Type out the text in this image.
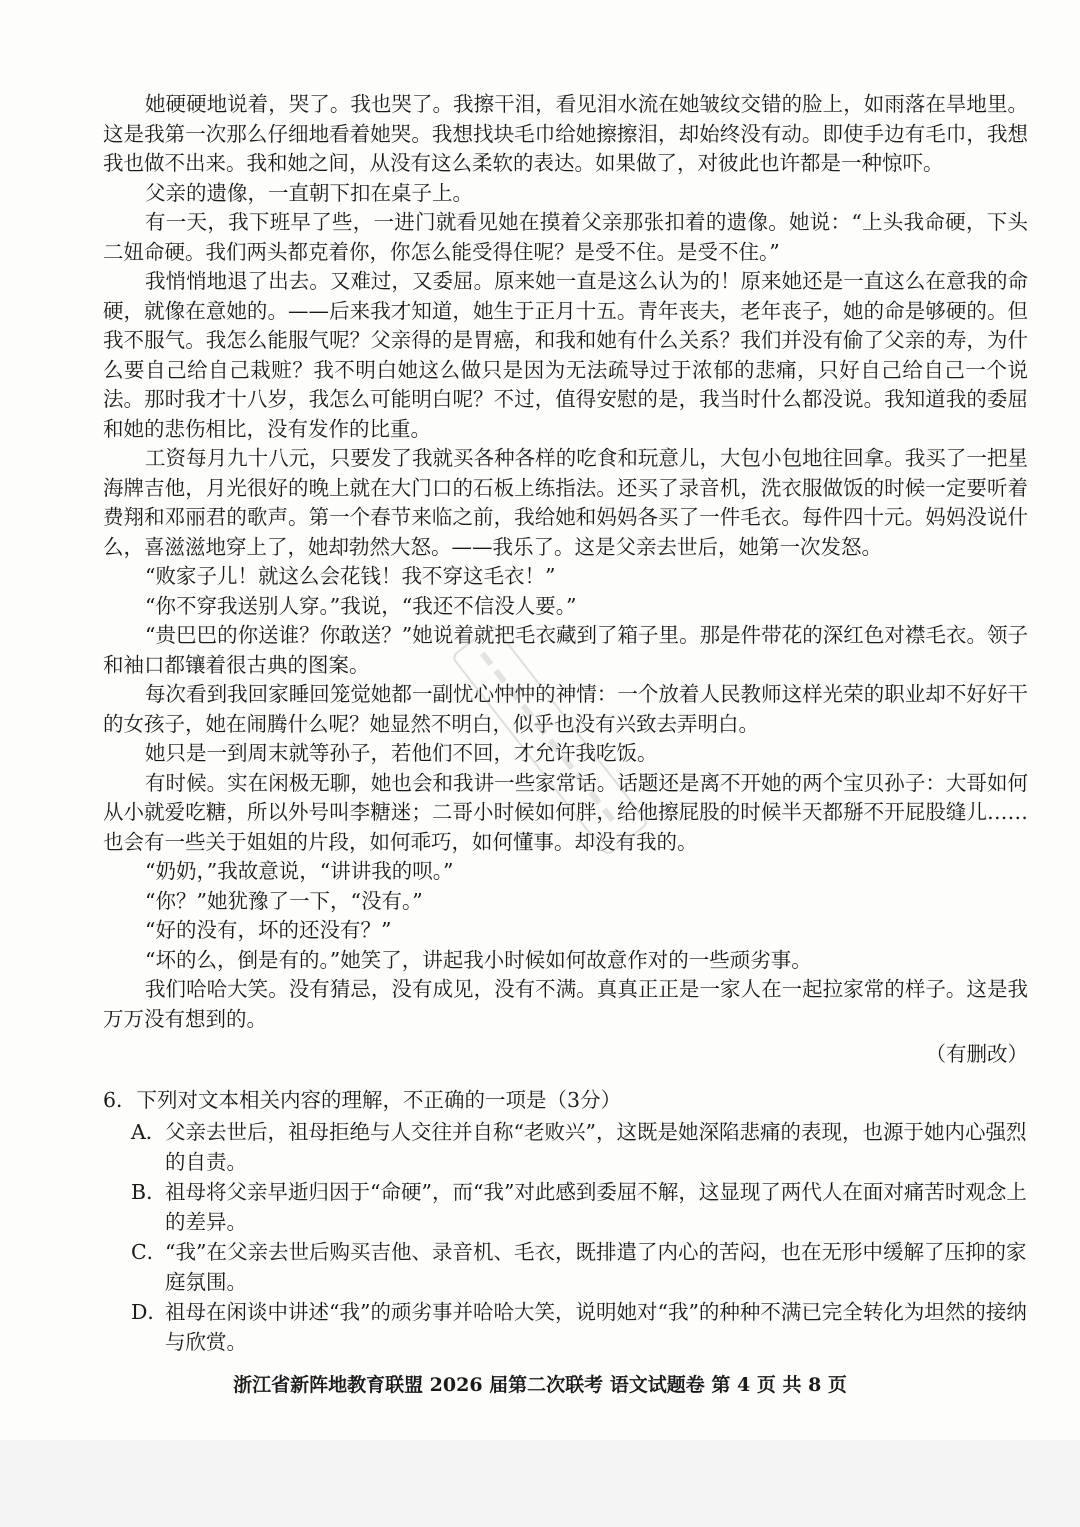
她硬硬地说着，哭了。我也哭了。我擦干泪，看见泪水流在她皱纹交错的脸上，如雨落在旱地里。这是我第一次那么仔细地看着她哭。我想找块毛巾给她擦擦泪，却始终没有动。即使手边有毛巾，我想我也做不出来。我和她之间，从没有这么柔软的表达。如果做了，对彼此也许都是一种惊吓。

父亲的遗像，一直朝下扣在桌子上。

有一天，我下班早了些，一进门就看见她在摸着父亲那张扣着的遗像。她说：“上头我命硬，下头二妞命硬。我们两头都克着你，你怎么能受得住呢？是受不住。是受不住。”

我悄悄地退了出去。又难过，又委屈。原来她一直是这么认为的！原来她还是一直这么在意我的命硬，就像在意她的。——后来我才知道，她生于正月十五。青年丧夫，老年丧子，她的命是够硬的。但我不服气。我怎么能服气呢？父亲得的是胃癌，和我和她有什么关系？我们并没有偷了父亲的寿，为什么要自己给自己栽赃？我不明白她这么做只是因为无法疏导过于浓郁的悲痛，只好自己给自己一个说法。那时我才十八岁，我怎么可能明白呢？不过，值得安慰的是，我当时什么都没说。我知道我的委屈和她的悲伤相比，没有发作的比重。

工资每月九十八元，只要发了我就买各种各样的吃食和玩意儿，大包小包地往回拿。我买了一把星海牌吉他，月光很好的晚上就在大门口的石板上练指法。还买了录音机，洗衣服做饭的时候一定要听着费翔和邓丽君的歌声。第一个春节来临之前，我给她和妈妈各买了一件毛衣。每件四十元。妈妈没说什么，喜滋滋地穿上了，她却勃然大怒。——我乐了。这是父亲去世后，她第一次发怒。

“败家子儿！就这么会花钱！我不穿这毛衣！”

“你不穿我送别人穿。”我说，“我还不信没人要。”

“贵巴巴的你送谁？你敢送？”她说着就把毛衣藏到了箱子里。那是件带花的深红色对襟毛衣。领子和袖口都镶着很古典的图案。

每次看到我回家睡回笼觉她都一副忧心忡忡的神情：一个放着人民教师这样光荣的职业却不好好干的女孩子，她在闹腾什么呢？她显然不明白，似乎也没有兴致去弄明白。

她只是一到周末就等孙子，若他们不回，才允许我吃饭。

有时候。实在闲极无聊，她也会和我讲一些家常话。话题还是离不开她的两个宝贝孙子：大哥如何从小就爱吃糖，所以外号叫李糖迷；二哥小时候如何胖，给他擦屁股的时候半天都掰不开屁股缝儿……也会有一些关于姐姐的片段，如何乖巧，如何懂事。却没有我的。

“奶奶，”我故意说，“讲讲我的呗。”

“你？”她犹豫了一下，“没有。”

“好的没有，坏的还没有？”

“坏的么，倒是有的。”她笑了，讲起我小时候如何故意作对的一些顽劣事。

我们哈哈大笑。没有猜忌，没有成见，没有不满。真真正正是一家人在一起拉家常的样子。这是我万万没有想到的。

（有删改）

6．下列对文本相关内容的理解，不正确的一项是（3分）

A．
父亲去世后，祖母拒绝与人交往并自称“老败兴”，这既是她深陷悲痛的表现，也源于她内心强烈的自责。
B．
祖母将父亲早逝归因于“命硬”，而“我”对此感到委屈不解，这显现了两代人在面对痛苦时观念上的差异。
C．
“我”在父亲去世后购买吉他、录音机、毛衣，既排遣了内心的苦闷，也在无形中缓解了压抑的家庭氛围。
D．
祖母在闲谈中讲述“我”的顽劣事并哈哈大笑，说明她对“我”的种种不满已完全转化为坦然的接纳与欣赏。
浙江省新阵地教育联盟 2026 届第二次联考 语文试题卷 第 4 页 共 8 页
